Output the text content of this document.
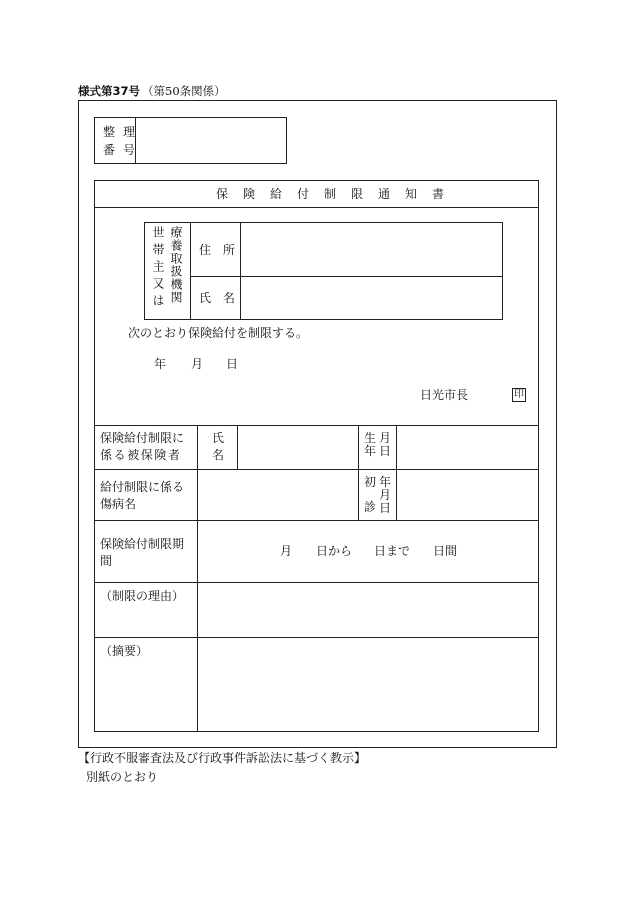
様式第37号 （第50条関係）
整理
番号
保険給付制限通知書
療養取扱機関
世帯主又は	住 所
氏 名
次のとおり保険給付を制限する。
年 月 日
日光市長	印
保険給付制限に
係る被保険者
氏
名
生
年
月
日
給付制限に係る
傷病名
初
診
年
月
日
保険給付制限期
間
月 日から 日まで 日間
（制限の理由）
（摘要）
【行政不服審査法及び行政事件訴訟法に基づく教示】
別紙のとおり
